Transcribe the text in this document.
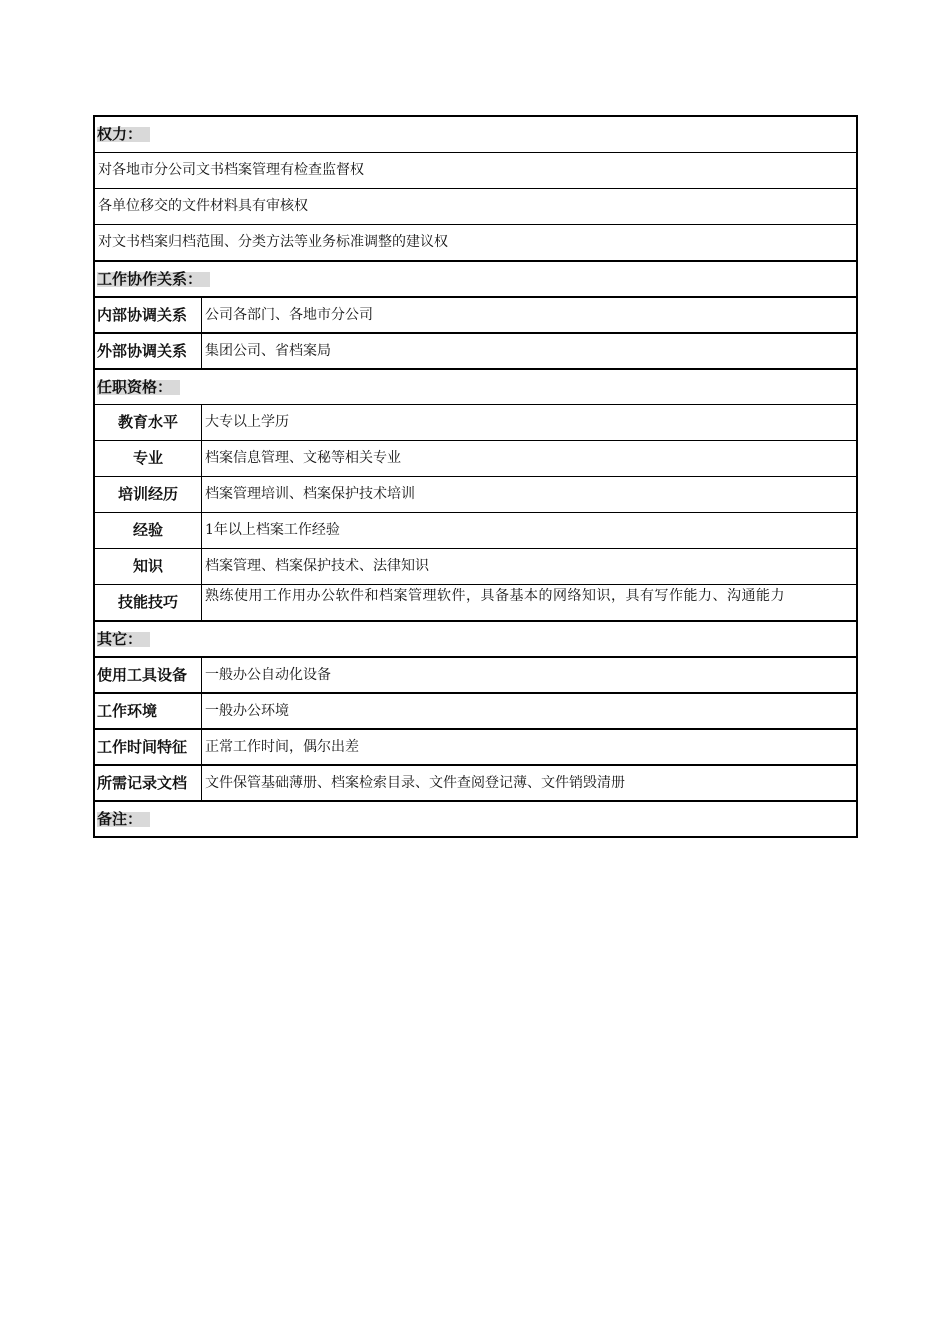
权力：
对各地市分公司文书档案管理有检查监督权
各单位移交的文件材料具有审核权
对文书档案归档范围、分类方法等业务标准调整的建议权
工作协作关系：
内部协调关系	公司各部门、各地市分公司
外部协调关系	集团公司、省档案局
任职资格：
教育水平	大专以上学历
专业	档案信息管理、文秘等相关专业
培训经历	档案管理培训、档案保护技术培训
经验	1年以上档案工作经验
知识	档案管理、档案保护技术、法律知识
技能技巧	熟练使用工作用办公软件和档案管理软件，具备基本的网络知识，具有写作能力、沟通能力
其它：
使用工具设备	一般办公自动化设备
工作环境	一般办公环境
工作时间特征	正常工作时间，偶尔出差
所需记录文档	文件保管基础薄册、档案检索目录、文件查阅登记薄、文件销毁清册
备注：
